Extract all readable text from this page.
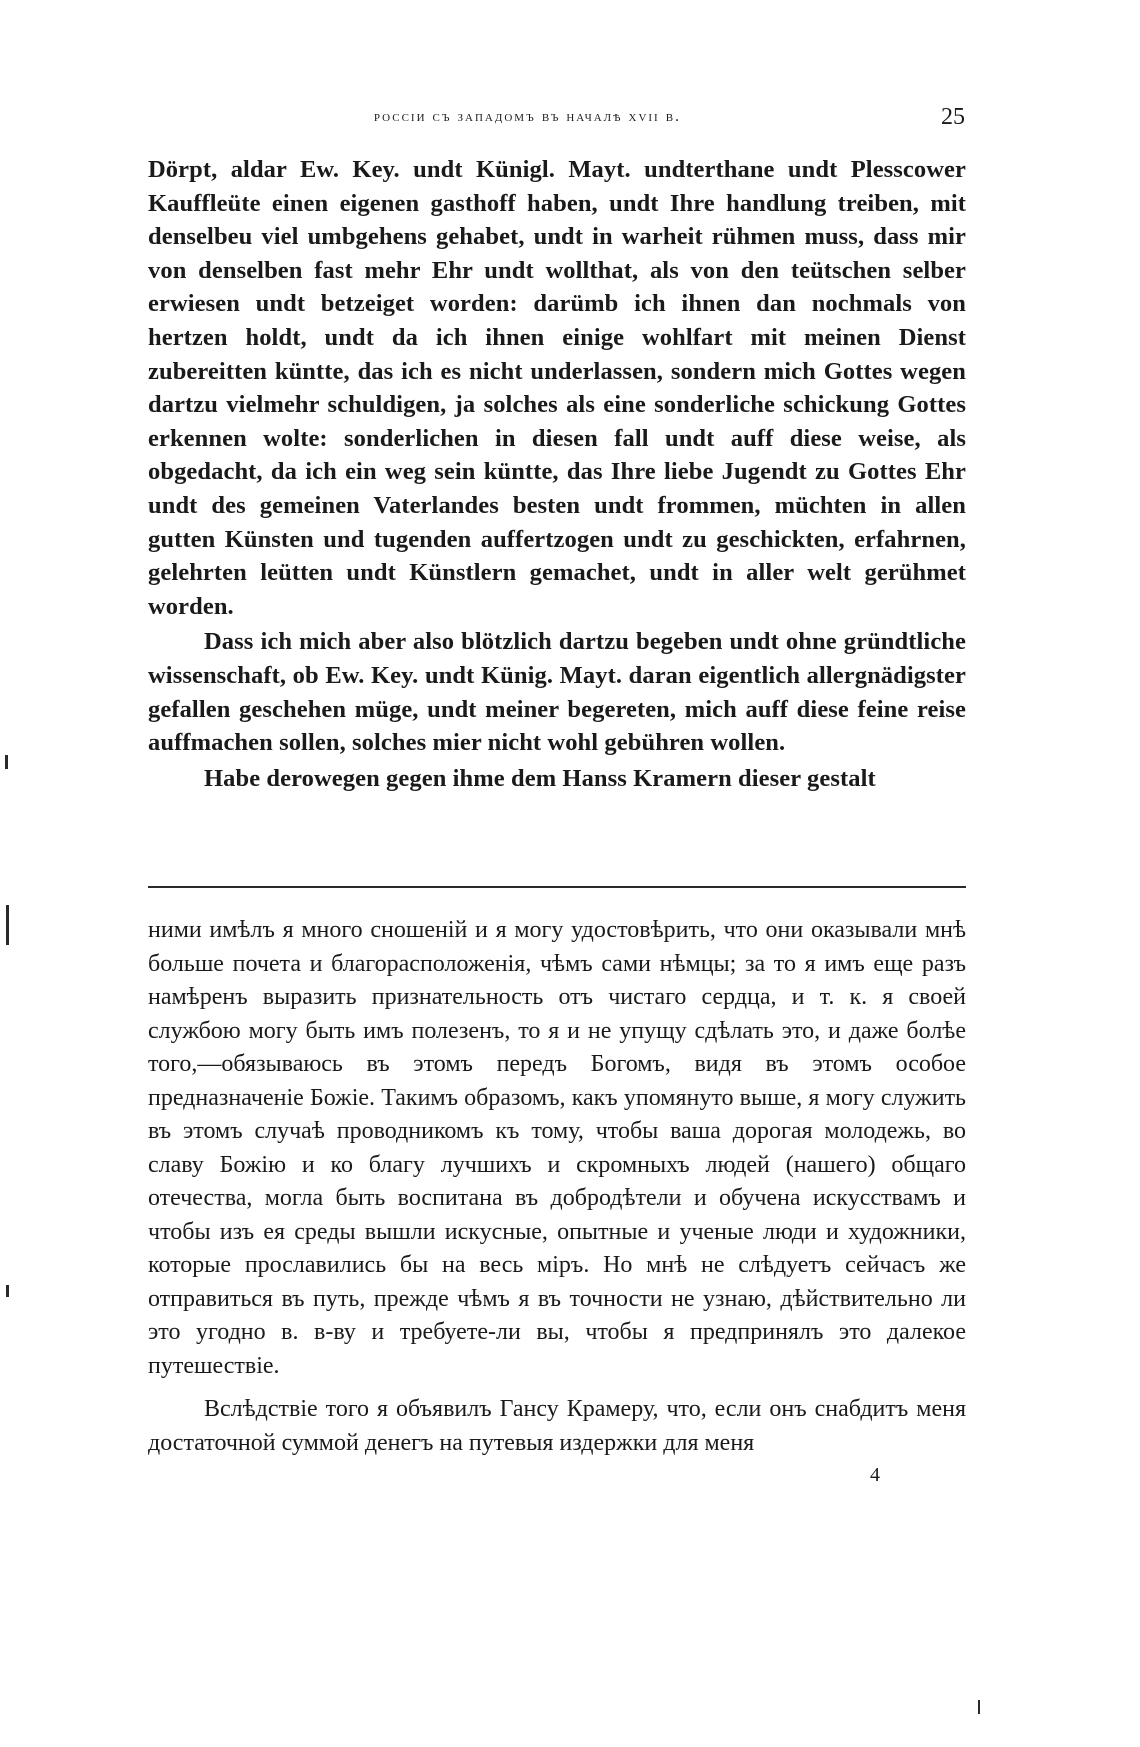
россiи съ западомъ въ началѣ xvii в.	25

Dörpt, aldar Ew. Key. undt Künigl. Mayt. undterthane undt Plesscower Kauffleüte einen eigenen gasthoff haben, undt Ihre handlung treiben, mit denselbeu viel umbgehens gehabet, undt in warheit rühmen muss, dass mir von denselben fast mehr Ehr undt wollthat, als von den teütschen selber erwiesen undt betzeiget worden: darümb ich ihnen dan nochmals von hertzen holdt, undt da ich ihnen einige wohlfart mit meinen Dienst zubereitten küntte, das ich es nicht underlassen, sondern mich Gottes wegen dartzu vielmehr schuldigen, ja solches als eine sonderliche schickung Gottes erkennen wolte: sonderlichen in diesen fall undt auff diese weise, als obgedacht, da ich ein weg sein küntte, das Ihre liebe Jugendt zu Gottes Ehr undt des gemeinen Vaterlandes besten undt frommen, müchten in allen gutten Künsten und tugenden auffertzogen undt zu geschickten, erfahrnen, gelehrten leütten undt Künstlern gemachet, undt in aller welt gerühmet worden.

Dass ich mich aber also blötzlich dartzu begeben undt ohne gründtliche wissenschaft, ob Ew. Key. undt Künig. Mayt. daran eigentlich allergnädigster gefallen geschehen müge, undt meiner begereten, mich auff diese feine reise auffmachen sollen, solches mier nicht wohl gebühren wollen.

Habe derowegen gegen ihme dem Hanss Kramern dieser gestalt

ними имѣлъ я много сношенiй и я могу удостовѣрить, что они оказывали мнѣ больше почета и благорасположенiя, чѣмъ сами нѣмцы; за то я имъ еще разъ намѣренъ выразить признательность отъ чистаго сердца, и т. к. я своей службою могу быть имъ полезенъ, то я и не упущу сдѣлать это, и даже болѣе того,—обязываюсь въ этомъ передъ Богомъ, видя въ этомъ особое предназначенiе Божiе. Такимъ образомъ, какъ упомянуто выше, я могу служить въ этомъ случаѣ проводникомъ къ тому, чтобы ваша дорогая молодежь, во славу Божiю и ко благу лучшихъ и скромныхъ людей (нашего) общаго отечества, могла быть воспитана въ добродѣтели и обучена искусствамъ и чтобы изъ ея среды вышли искусные, опытные и ученые люди и художники, которые прославились бы на весь мiръ. Но мнѣ не слѣдуетъ сейчасъ же отправиться въ путь, прежде чѣмъ я въ точности не узнаю, дѣйствительно ли это угодно в. в-ву и требуете-ли вы, чтобы я предпринялъ это далекое путешествiе.

Вслѣдствiе того я объявилъ Гансу Крамеру, что, если онъ снабдитъ меня достаточной суммой денегъ на путевыя издержки для меня

4
